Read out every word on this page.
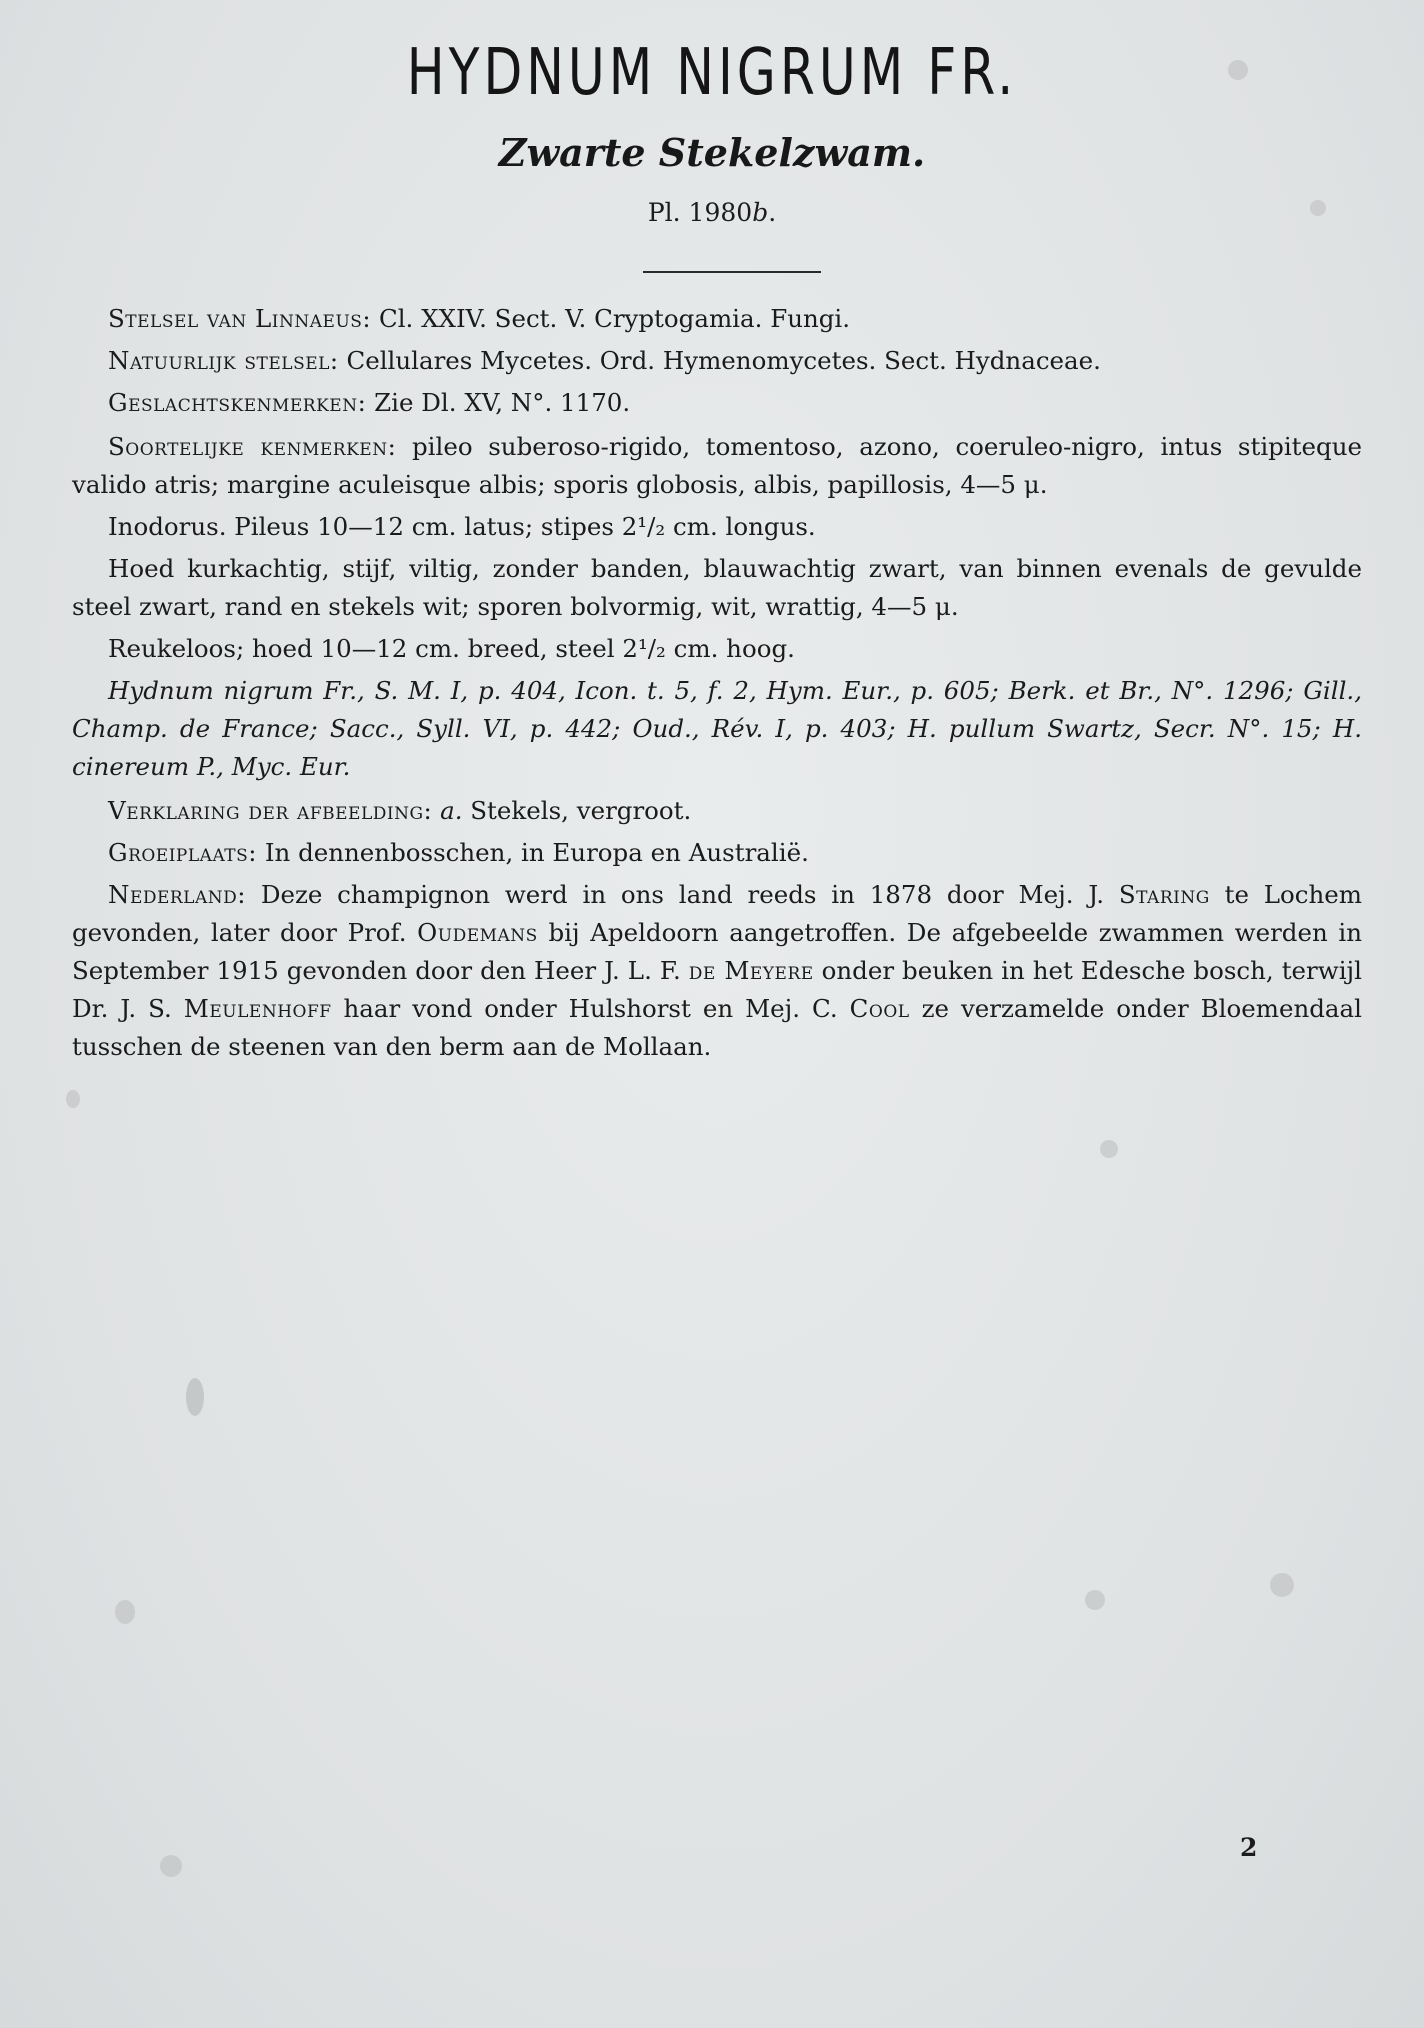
HYDNUM NIGRUM FR.
Zwarte Stekelzwam.
Pl. 1980b.

Stelsel van Linnaeus: Cl. XXIV. Sect. V. Cryptogamia. Fungi.

Natuurlijk stelsel: Cellulares Mycetes. Ord. Hymenomycetes. Sect. Hydnaceae.

Geslachtskenmerken: Zie Dl. XV, N°. 1170.

Soortelijke kenmerken: pileo suberoso-rigido, tomentoso, azono, coeruleo-nigro, intus stipiteque valido atris; margine aculeisque albis; sporis globosis, albis, papillosis, 4—5 μ.

Inodorus. Pileus 10—12 cm. latus; stipes 2¹/₂ cm. longus.

Hoed kurkachtig, stijf, viltig, zonder banden, blauwachtig zwart, van binnen evenals de gevulde steel zwart, rand en stekels wit; sporen bolvormig, wit, wrattig, 4—5 μ.

Reukeloos; hoed 10—12 cm. breed, steel 2¹/₂ cm. hoog.

Hydnum nigrum Fr., S. M. I, p. 404, Icon. t. 5, f. 2, Hym. Eur., p. 605; Berk. et Br., N°. 1296; Gill., Champ. de France; Sacc., Syll. VI, p. 442; Oud., Rév. I, p. 403; H. pullum Swartz, Secr. N°. 15; H. cinereum P., Myc. Eur.

Verklaring der afbeelding: a. Stekels, vergroot.

Groeiplaats: In dennenbosschen, in Europa en Australië.

Nederland: Deze champignon werd in ons land reeds in 1878 door Mej. J. Staring te Lochem gevonden, later door Prof. Oudemans bij Apeldoorn aangetroffen. De afgebeelde zwammen werden in September 1915 gevonden door den Heer J. L. F. de Meyere onder beuken in het Edesche bosch, terwijl Dr. J. S. Meulenhoff haar vond onder Hulshorst en Mej. C. Cool ze verzamelde onder Bloemendaal tusschen de steenen van den berm aan de Mollaan.

2
